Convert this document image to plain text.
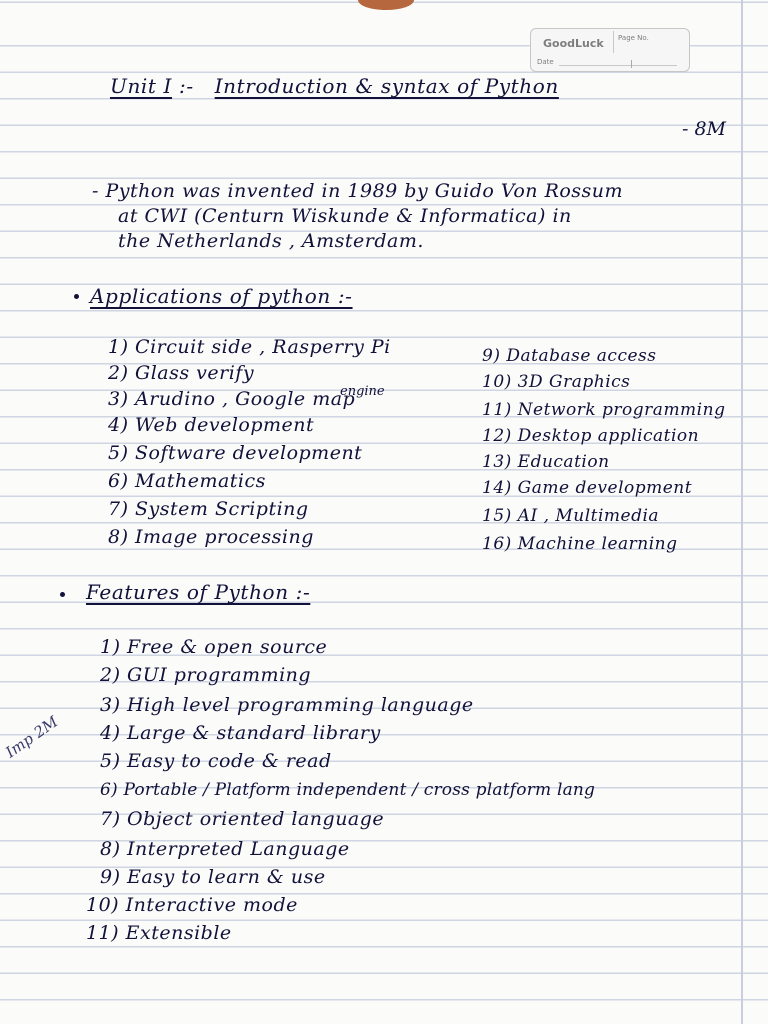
GoodLuck Page No.
Date
Unit I :- Introduction & syntax of Python
- 8M
- Python was invented in 1989 by Guido Von Rossum
at CWI (Centurn Wiskunde & Informatica) in
the Netherlands , Amsterdam.
Applications of python :-
1) Circuit side , Rasperry Pi
2) Glass verify
3) Arudino , Google map
engine
4) Web development
5) Software development
6) Mathematics
7) System Scripting
8) Image processing
9) Database access
10) 3D Graphics
11) Network programming
12) Desktop application
13) Education
14) Game development
15) AI , Multimedia
16) Machine learning
Features of Python :-
1) Free & open source
2) GUI programming
3) High level programming language
4) Large & standard library
5) Easy to code & read
6) Portable / Platform independent / cross platform lang
7) Object oriented language
8) Interpreted Language
9) Easy to learn & use
10) Interactive mode
11) Extensible
Imp 2M
